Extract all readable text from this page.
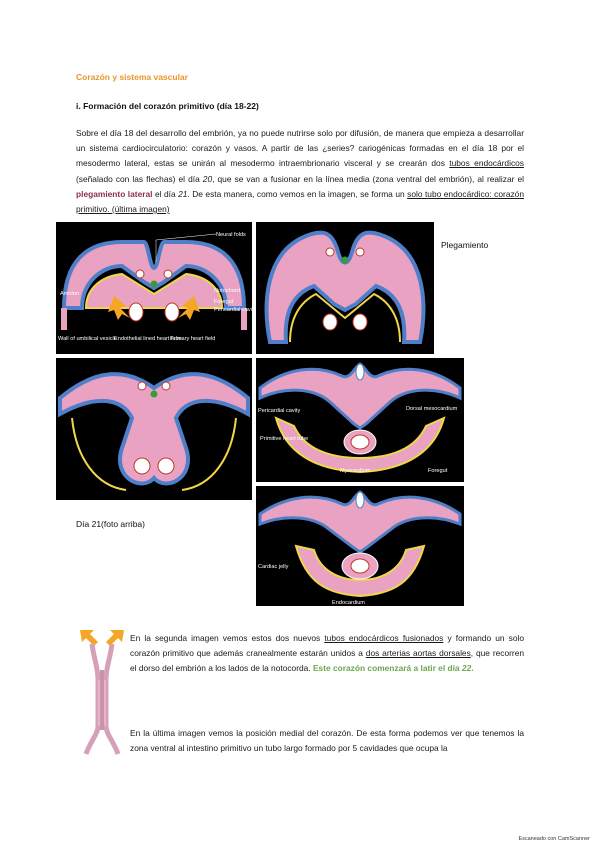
Corazón y sistema vascular
i. Formación del corazón primitivo (día 18-22)
Sobre el día 18 del desarrollo del embrión, ya no puede nutrirse solo por difusión, de manera que empieza a desarrollar un sistema cardiocirculatorio: corazón y vasos. A partir de las ¿series? cariogénicas formadas en el día 18 por el mesodermo lateral, estas se unirán al mesodermo intraembrionario visceral y se crearán dos tubos endocárdicos (señalado con las flechas) el día 20, que se van a fusionar en la línea media (zona ventral del embrión), al realizar el plegamiento lateral el día 21. De esta manera, como vemos en la imagen, se forma un solo tubo endocárdico: corazón primitivo. (última imagen)
Neural folds
Notochord
Amnion
Foregut
Pericardial cavity
Wall of umbilical vesicle
Endothelial lined heart tube
Primary heart field
Plegamiento
Pericardial cavity	Dorsal mesocardium
Primitive heart tube
Myocardium	Foregut
Día 21(foto arriba)
Cardiac jelly
Endocardium
En la segunda imagen vemos estos dos nuevos tubos endocárdicos fusionados y formando un solo corazón primitivo que además cranealmente estarán unidos a dos arterias aortas dorsales, que recorren el dorso del embrión a los lados de la notocorda. Este corazón comenzará a latir el día 22.
En la última imagen vemos la posición medial del corazón. De esta forma podemos ver que tenemos la zona ventral al intestino primitivo un tubo largo formado por 5 cavidades que ocupa la
Escaneado con CamScanner
